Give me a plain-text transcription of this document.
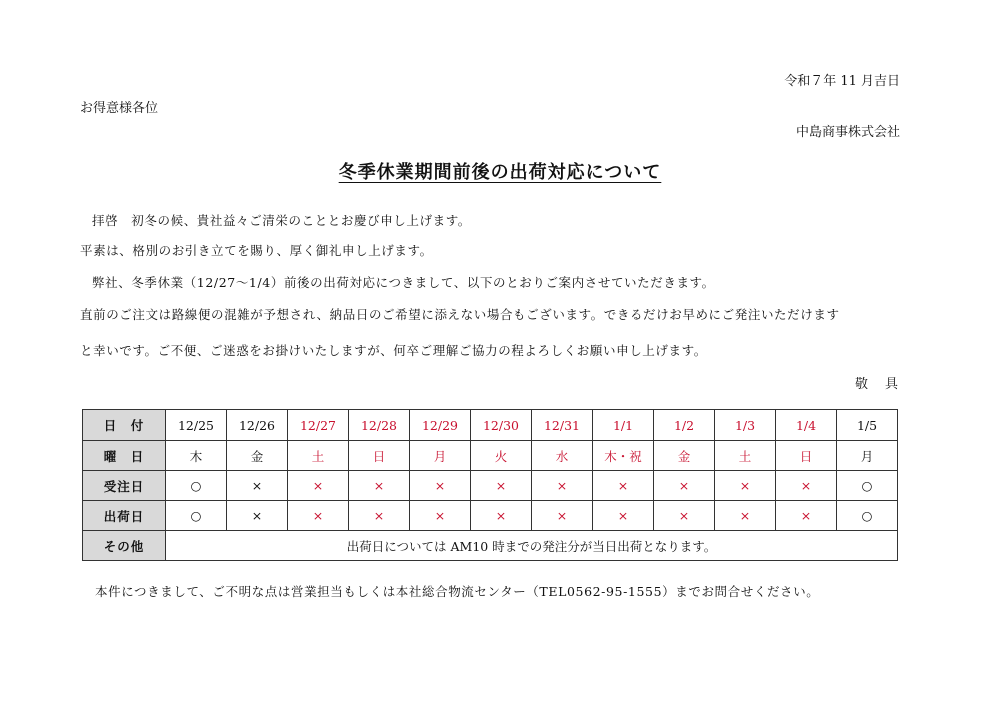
令和７年 11 月吉日
お得意様各位
中島商事株式会社
冬季休業期間前後の出荷対応について
拝啓　初冬の候、貴社益々ご清栄のこととお慶び申し上げます。
平素は、格別のお引き立てを賜り、厚く御礼申し上げます。
弊社、冬季休業（12/27～1/4）前後の出荷対応につきまして、以下のとおりご案内させていただきます。
直前のご注文は路線便の混雑が予想され、納品日のご希望に添えない場合もございます。できるだけお早めにご発注いただけます
と幸いです。ご不便、ご迷惑をお掛けいたしますが、何卒ご理解ご協力の程よろしくお願い申し上げます。
敬　具
日　付	12/25	12/26	12/27	12/28	12/29	12/30	12/31	1/1	1/2	1/3	1/4	1/5
曜　日	木	金	土	日	月	火	水	木・祝	金	土	日	月
受注日	○	×	×	×	×	×	×	×	×	×	×	○
出荷日	○	×	×	×	×	×	×	×	×	×	×	○
その他	出荷日については AM10 時までの発注分が当日出荷となります。											
本件につきまして、ご不明な点は営業担当もしくは本社総合物流センター（TEL0562-95-1555）までお問合せください。
